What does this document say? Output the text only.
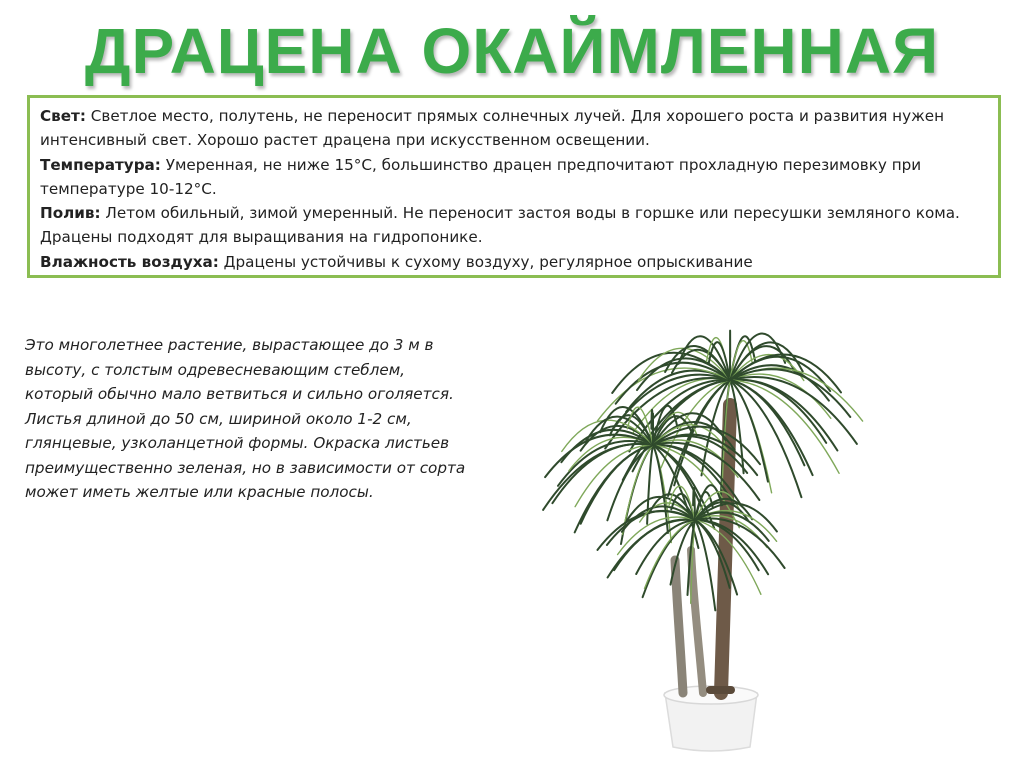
ДРАЦЕНА ОКАЙМЛЕННАЯ

Свет: Светлое место, полутень, не переносит прямых солнечных лучей. Для хорошего роста и развития нужен интенсивный свет. Хорошо растет драцена при искусственном освещении.

Температура: Умеренная, не ниже 15°С, большинство драцен предпочитают прохладную перезимовку при температуре 10-12°С.

Полив: Летом обильный, зимой умеренный. Не переносит застоя воды в горшке или пересушки земляного кома. Драцены подходят для выращивания на гидропонике.

Влажность воздуха: Драцены устойчивы к сухому воздуху, регулярное опрыскивание

Это многолетнее растение, вырастающее до 3 м в высоту, с толстым одревесневающим стеблем, который обычно мало ветвиться и сильно оголяется. Листья длиной до 50 см, шириной около 1-2 см, глянцевые, узколанцетной формы. Окраска листьев преимущественно зеленая, но в зависимости от сорта может иметь желтые или красные полосы.
